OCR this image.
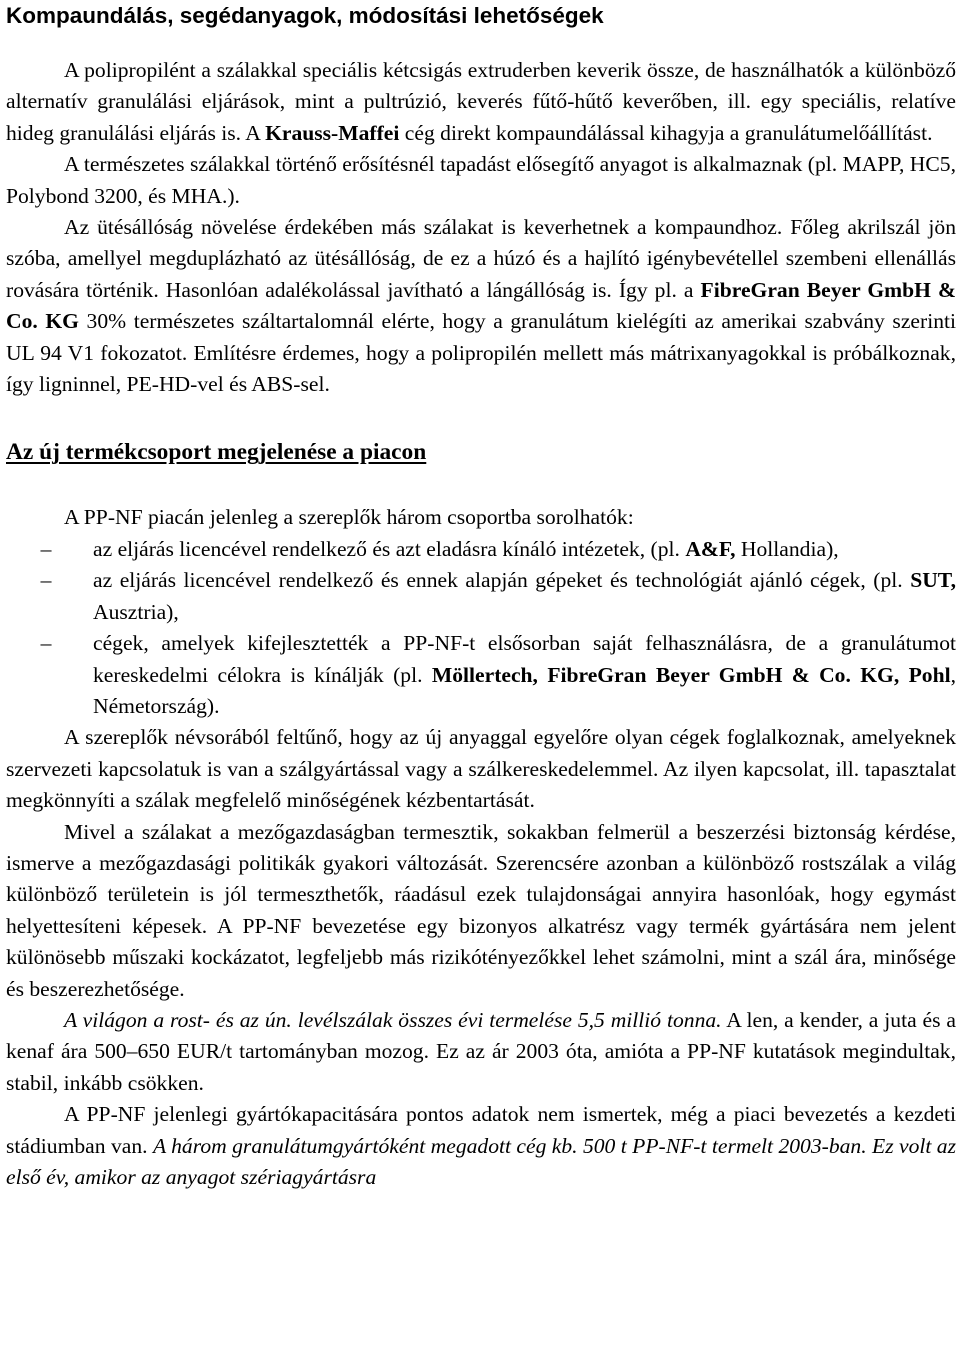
Kompaundálás, segédanyagok, módosítási lehetőségek

A polipropilént a szálakkal speciális kétcsigás extruderben keverik össze, de használhatók a különböző alternatív granulálási eljárások, mint a pultrúzió, keverés fűtő-hűtő keverőben, ill. egy speciális, relatíve hideg granulálási eljárás is. A Krauss-Maffei cég direkt kompaundálással kihagyja a granulátumelőállítást.

A természetes szálakkal történő erősítésnél tapadást elősegítő anyagot is alkalmaznak (pl. MAPP, HC5, Polybond 3200, és MHA.).

Az ütésállóság növelése érdekében más szálakat is keverhetnek a kompaundhoz. Főleg akrilszál jön szóba, amellyel megduplázható az ütésállóság, de ez a húzó és a hajlító igénybevétellel szembeni ellenállás rovására történik. Hasonlóan adalékolással javítható a lángállóság is. Így pl. a FibreGran Beyer GmbH & Co. KG 30% természetes száltartalomnál elérte, hogy a granulátum kielégíti az amerikai szabvány szerinti UL 94 V1 fokozatot. Említésre érdemes, hogy a polipropilén mellett más mátrixanyagokkal is próbálkoznak, így ligninnel, PE-HD-vel és ABS-sel.

Az új termékcsoport megjelenése a piacon

A PP-NF piacán jelenleg a szereplők három csoportba sorolhatók:

– az eljárás licencével rendelkező és azt eladásra kínáló intézetek, (pl. A&F, Hollandia),
– az eljárás licencével rendelkező és ennek alapján gépeket és technológiát ajánló cégek, (pl. SUT, Ausztria),
– cégek, amelyek kifejlesztették a PP-NF-t elsősorban saját felhasználásra, de a granulátumot kereskedelmi célokra is kínálják (pl. Möllertech, FibreGran Beyer GmbH & Co. KG, Pohl, Németország).

A szereplők névsorából feltűnő, hogy az új anyaggal egyelőre olyan cégek foglalkoznak, amelyeknek szervezeti kapcsolatuk is van a szálgyártással vagy a szálkereskedelemmel. Az ilyen kapcsolat, ill. tapasztalat megkönnyíti a szálak megfelelő minőségének kézbentartását.

Mivel a szálakat a mezőgazdaságban termesztik, sokakban felmerül a beszerzési biztonság kérdése, ismerve a mezőgazdasági politikák gyakori változását. Szerencsére azonban a különböző rostszálak a világ különböző területein is jól termeszthetők, ráadásul ezek tulajdonságai annyira hasonlóak, hogy egymást helyettesíteni képesek. A PP-NF bevezetése egy bizonyos alkatrész vagy termék gyártására nem jelent különösebb műszaki kockázatot, legfeljebb más rizikótényezőkkel lehet számolni, mint a szál ára, minősége és beszerezhetősége.

A világon a rost- és az ún. levélszálak összes évi termelése 5,5 millió tonna. A len, a kender, a juta és a kenaf ára 500–650 EUR/t tartományban mozog. Ez az ár 2003 óta, amióta a PP-NF kutatások megindultak, stabil, inkább csökken.

A PP-NF jelenlegi gyártókapacitására pontos adatok nem ismertek, még a piaci bevezetés a kezdeti stádiumban van. A három granulátumgyártóként megadott cég kb. 500 t PP-NF-t termelt 2003-ban. Ez volt az első év, amikor az anyagot szériagyártásra
